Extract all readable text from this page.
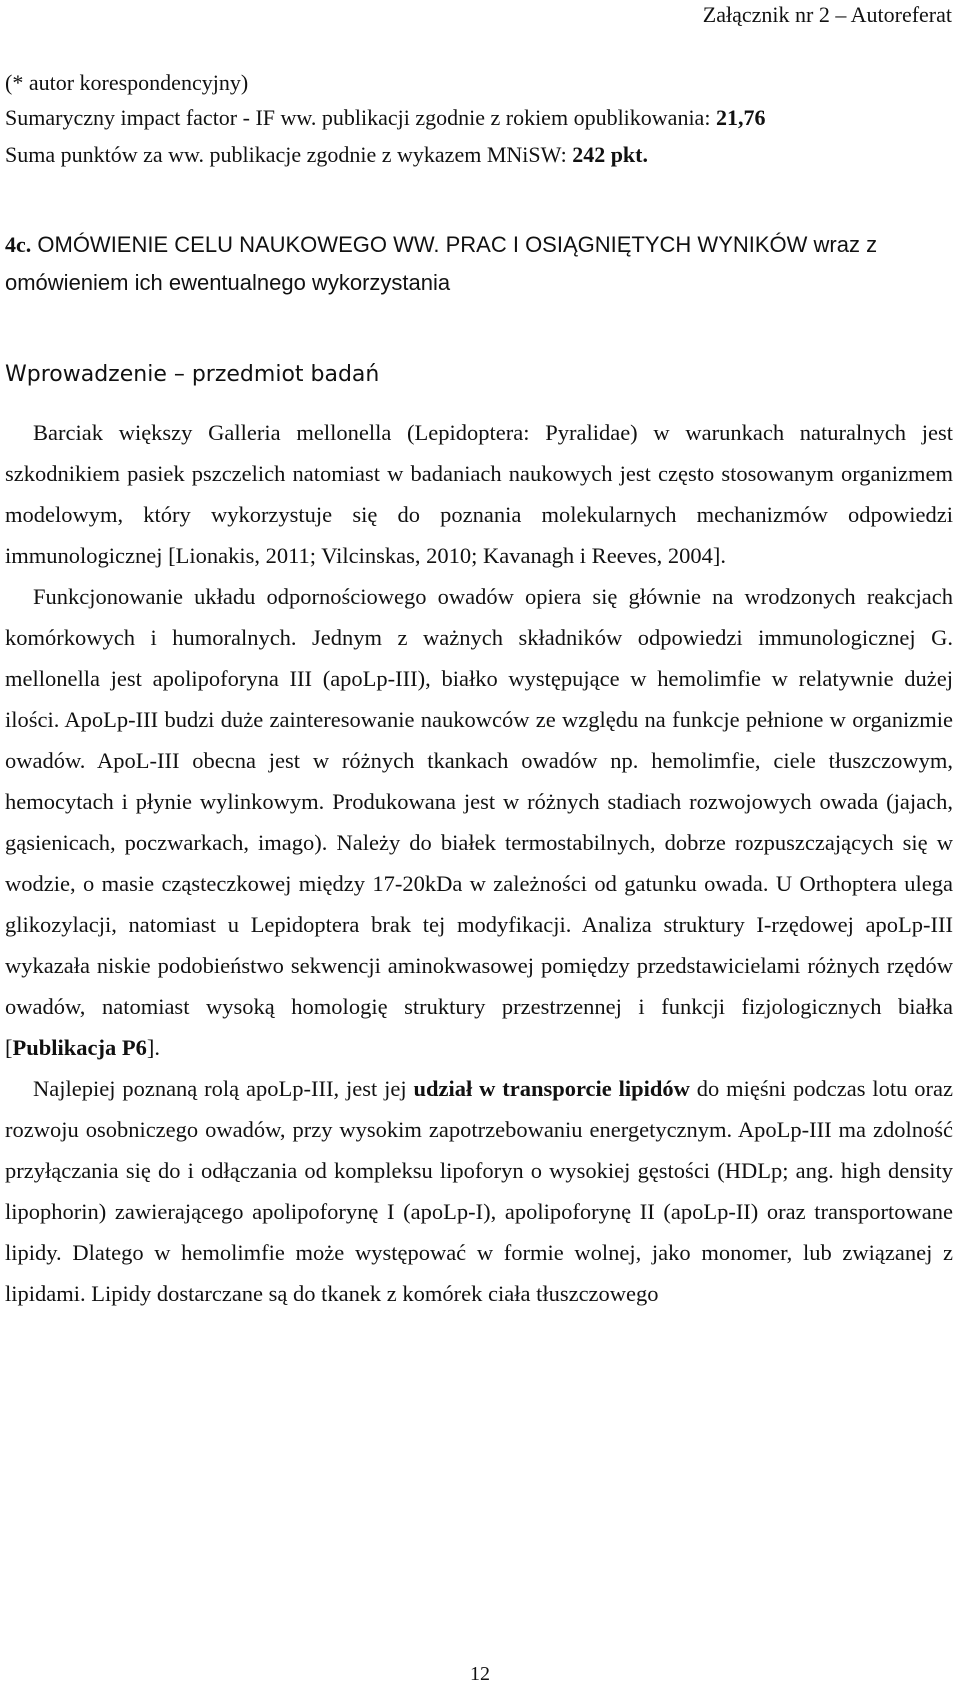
Załącznik nr 2 – Autoreferat
(* autor korespondencyjny)
Sumaryczny impact factor - IF ww. publikacji zgodnie z rokiem opublikowania: 21,76
Suma punktów za ww. publikacje zgodnie z wykazem MNiSW: 242 pkt.
4c. OMÓWIENIE CELU NAUKOWEGO WW. PRAC I OSIĄGNIĘTYCH WYNIKÓW wraz z
omówieniem ich ewentualnego wykorzystania
Wprowadzenie – przedmiot badań

Barciak większy Galleria mellonella (Lepidoptera: Pyralidae) w warunkach naturalnych jest szkodnikiem pasiek pszczelich natomiast w badaniach naukowych jest często stosowanym organizmem modelowym, który wykorzystuje się do poznania molekularnych mechanizmów odpowiedzi immunologicznej [Lionakis, 2011; Vilcinskas, 2010; Kavanagh i Reeves, 2004].

Funkcjonowanie układu odpornościowego owadów opiera się głównie na wrodzonych reakcjach komórkowych i humoralnych. Jednym z ważnych składników odpowiedzi immunologicznej G. mellonella jest apolipoforyna III (apoLp-III), białko występujące w hemolimfie w relatywnie dużej ilości. ApoLp-III budzi duże zainteresowanie naukowców ze względu na funkcje pełnione w organizmie owadów. ApoL-III obecna jest w różnych tkankach owadów np. hemolimfie, ciele tłuszczowym, hemocytach i płynie wylinkowym. Produkowana jest w różnych stadiach rozwojowych owada (jajach, gąsienicach, poczwarkach, imago). Należy do białek termostabilnych, dobrze rozpuszczających się w wodzie, o masie cząsteczkowej między 17-20kDa w zależności od gatunku owada. U Orthoptera ulega glikozylacji, natomiast u Lepidoptera brak tej modyfikacji. Analiza struktury I-rzędowej apoLp-III wykazała niskie podobieństwo sekwencji aminokwasowej pomiędzy przedstawicielami różnych rzędów owadów, natomiast wysoką homologię struktury przestrzennej i funkcji fizjologicznych białka [Publikacja P6].

Najlepiej poznaną rolą apoLp-III, jest jej udział w transporcie lipidów do mięśni podczas lotu oraz rozwoju osobniczego owadów, przy wysokim zapotrzebowaniu energetycznym. ApoLp-III ma zdolność przyłączania się do i odłączania od kompleksu lipoforyn o wysokiej gęstości (HDLp; ang. high density lipophorin) zawierającego apolipoforynę I (apoLp-I), apolipoforynę II (apoLp-II) oraz transportowane lipidy. Dlatego w hemolimfie może występować w formie wolnej, jako monomer, lub związanej z lipidami. Lipidy dostarczane są do tkanek z komórek ciała tłuszczowego

12
